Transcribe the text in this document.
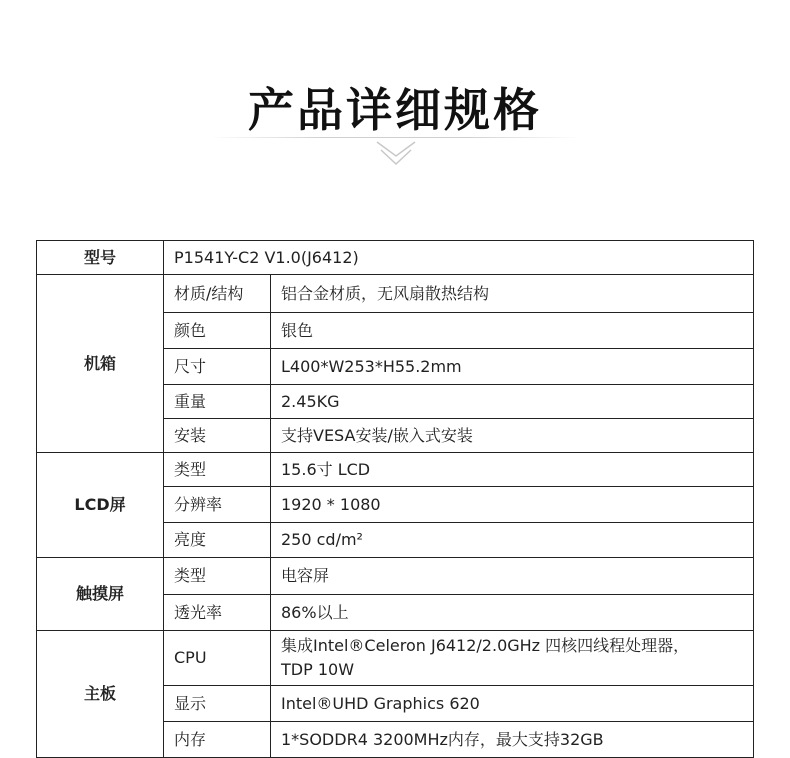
产品详细规格
型号	P1541Y-C2 V1.0(J6412)	
机箱	材质/结构	铝合金材质，无风扇散热结构
	颜色	银色
	尺寸	L400*W253*H55.2mm
	重量	2.45KG
	安装	支持VESA安装/嵌入式安装
LCD屏	类型	15.6寸 LCD
	分辨率	1920 * 1080
	亮度	250 cd/m²
触摸屏	类型	电容屏
	透光率	86%以上
主板	CPU	集成Intel®Celeron J6412/2.0GHz 四核四线程处理器，
TDP 10W

	显示	Intel®UHD Graphics 620
	内存	1*SODDR4 3200MHz内存，最大支持32GB
